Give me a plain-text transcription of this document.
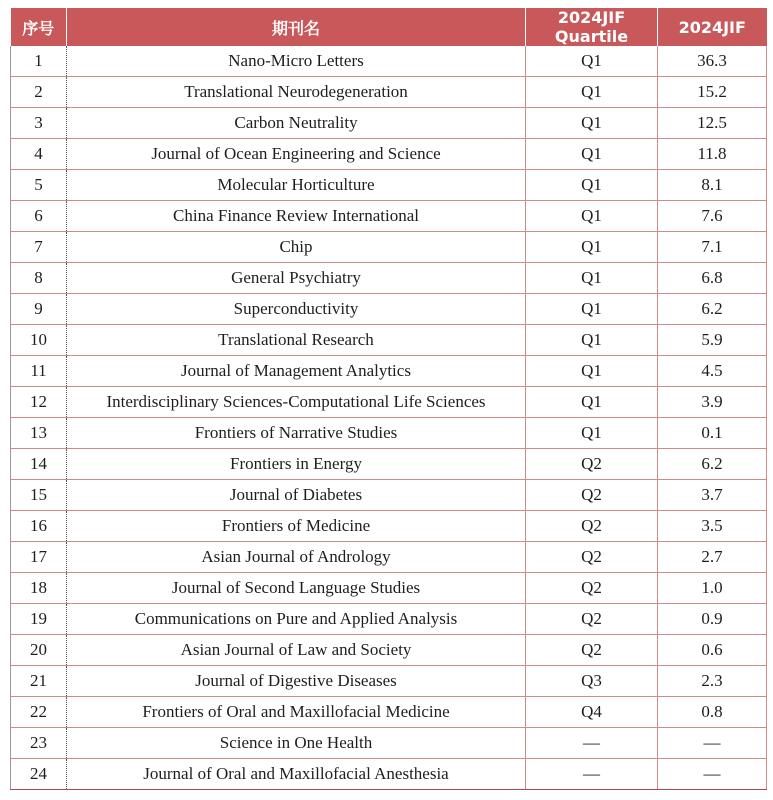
序号	期刊名	2024JIF Quartile	2024JIF
1	Nano-Micro Letters	Q1	36.3
2	Translational Neurodegeneration	Q1	15.2
3	Carbon Neutrality	Q1	12.5
4	Journal of Ocean Engineering and Science	Q1	11.8
5	Molecular Horticulture	Q1	8.1
6	China Finance Review International	Q1	7.6
7	Chip	Q1	7.1
8	General Psychiatry	Q1	6.8
9	Superconductivity	Q1	6.2
10	Translational Research	Q1	5.9
11	Journal of Management Analytics	Q1	4.5
12	Interdisciplinary Sciences-Computational Life Sciences	Q1	3.9
13	Frontiers of Narrative Studies	Q1	0.1
14	Frontiers in Energy	Q2	6.2
15	Journal of Diabetes	Q2	3.7
16	Frontiers of Medicine	Q2	3.5
17	Asian Journal of Andrology	Q2	2.7
18	Journal of Second Language Studies	Q2	1.0
19	Communications on Pure and Applied Analysis	Q2	0.9
20	Asian Journal of Law and Society	Q2	0.6
21	Journal of Digestive Diseases	Q3	2.3
22	Frontiers of Oral and Maxillofacial Medicine	Q4	0.8
23	Science in One Health	—	—
24	Journal of Oral and Maxillofacial Anesthesia	—	—
